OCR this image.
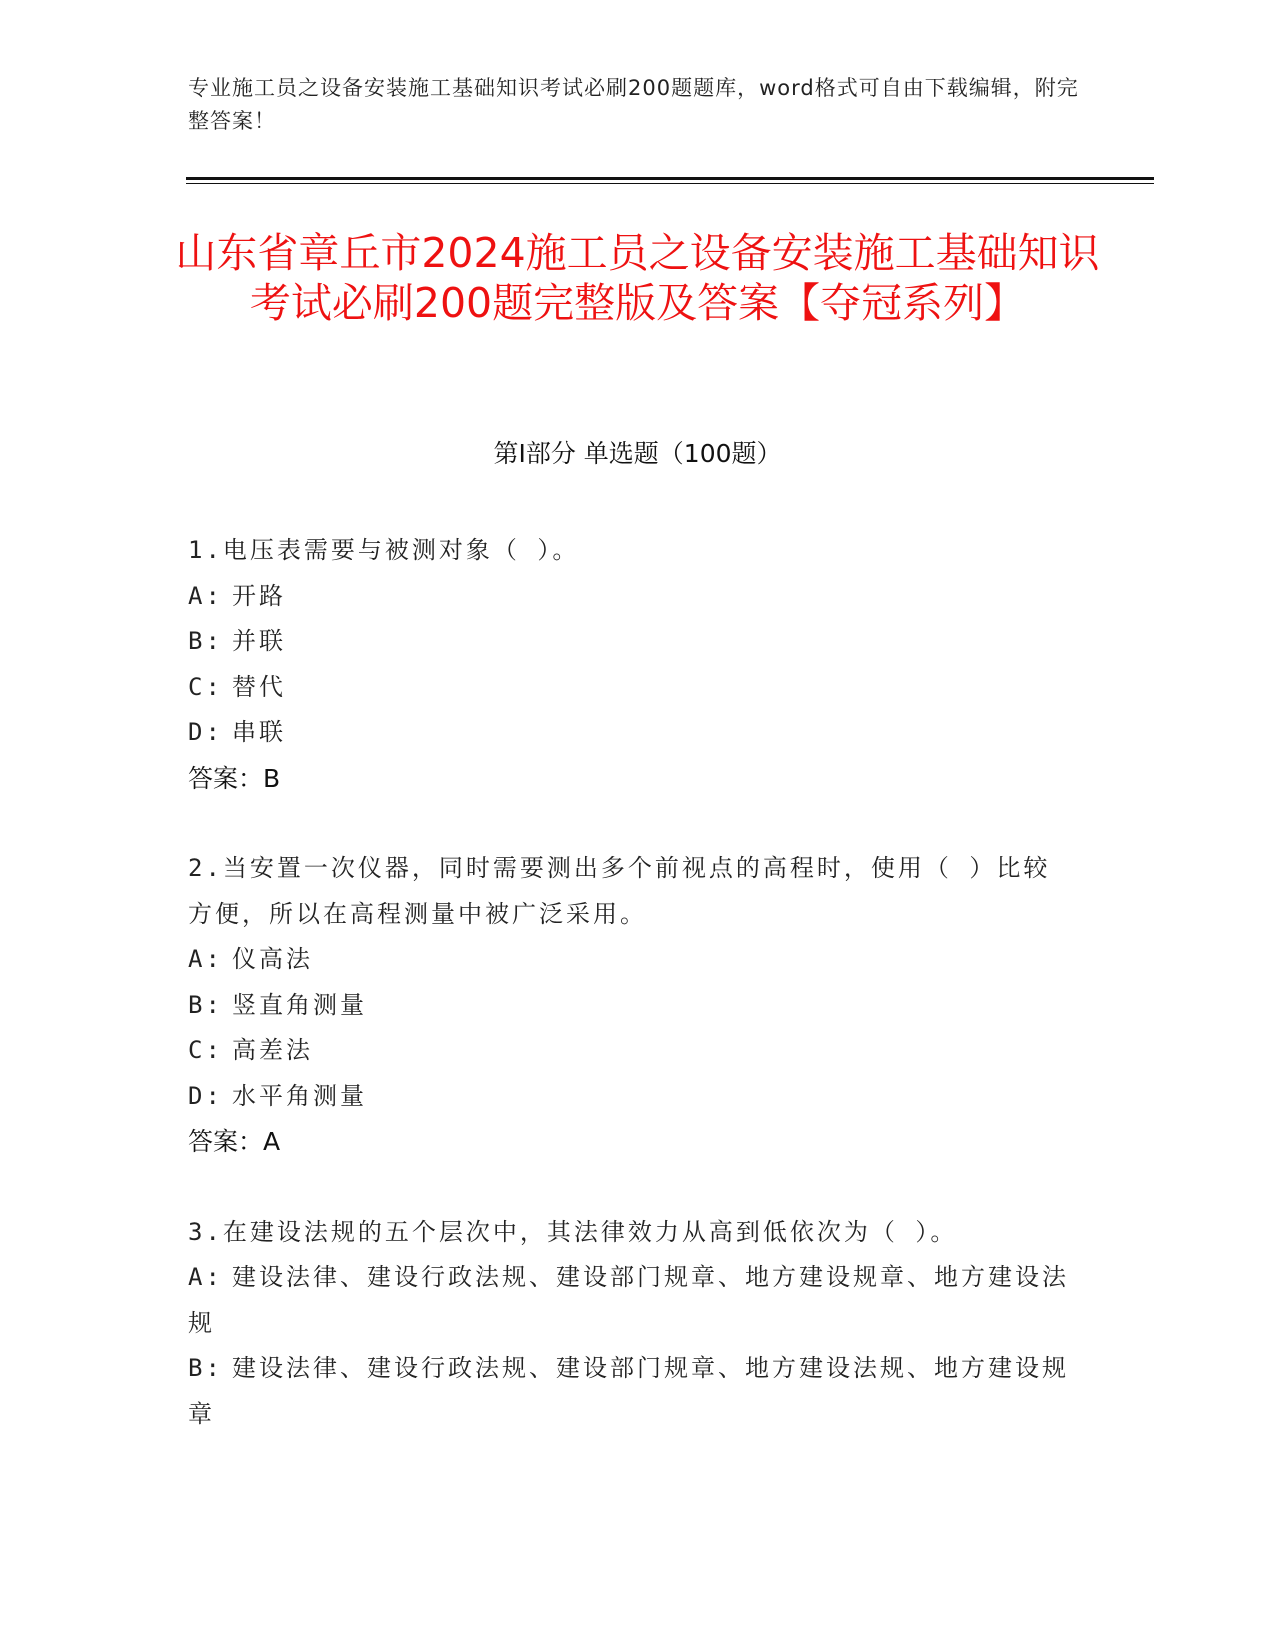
专业施工员之设备安装施工基础知识考试必刷200题题库，word格式可自由下载编辑，附完整答案！
山东省章丘市2024施工员之设备安装施工基础知识考试必刷200题完整版及答案【夺冠系列】
第I部分 单选题（100题）
1.电压表需要与被测对象（ ）。
A: 开路
B: 并联
C: 替代
D: 串联
答案：B
2.当安置一次仪器，同时需要测出多个前视点的高程时，使用（ ）比较方便，所以在高程测量中被广泛采用。
A: 仪高法
B: 竖直角测量
C: 高差法
D: 水平角测量
答案：A
3.在建设法规的五个层次中，其法律效力从高到低依次为（ ）。
A: 建设法律、建设行政法规、建设部门规章、地方建设规章、地方建设法规
B: 建设法律、建设行政法规、建设部门规章、地方建设法规、地方建设规章
